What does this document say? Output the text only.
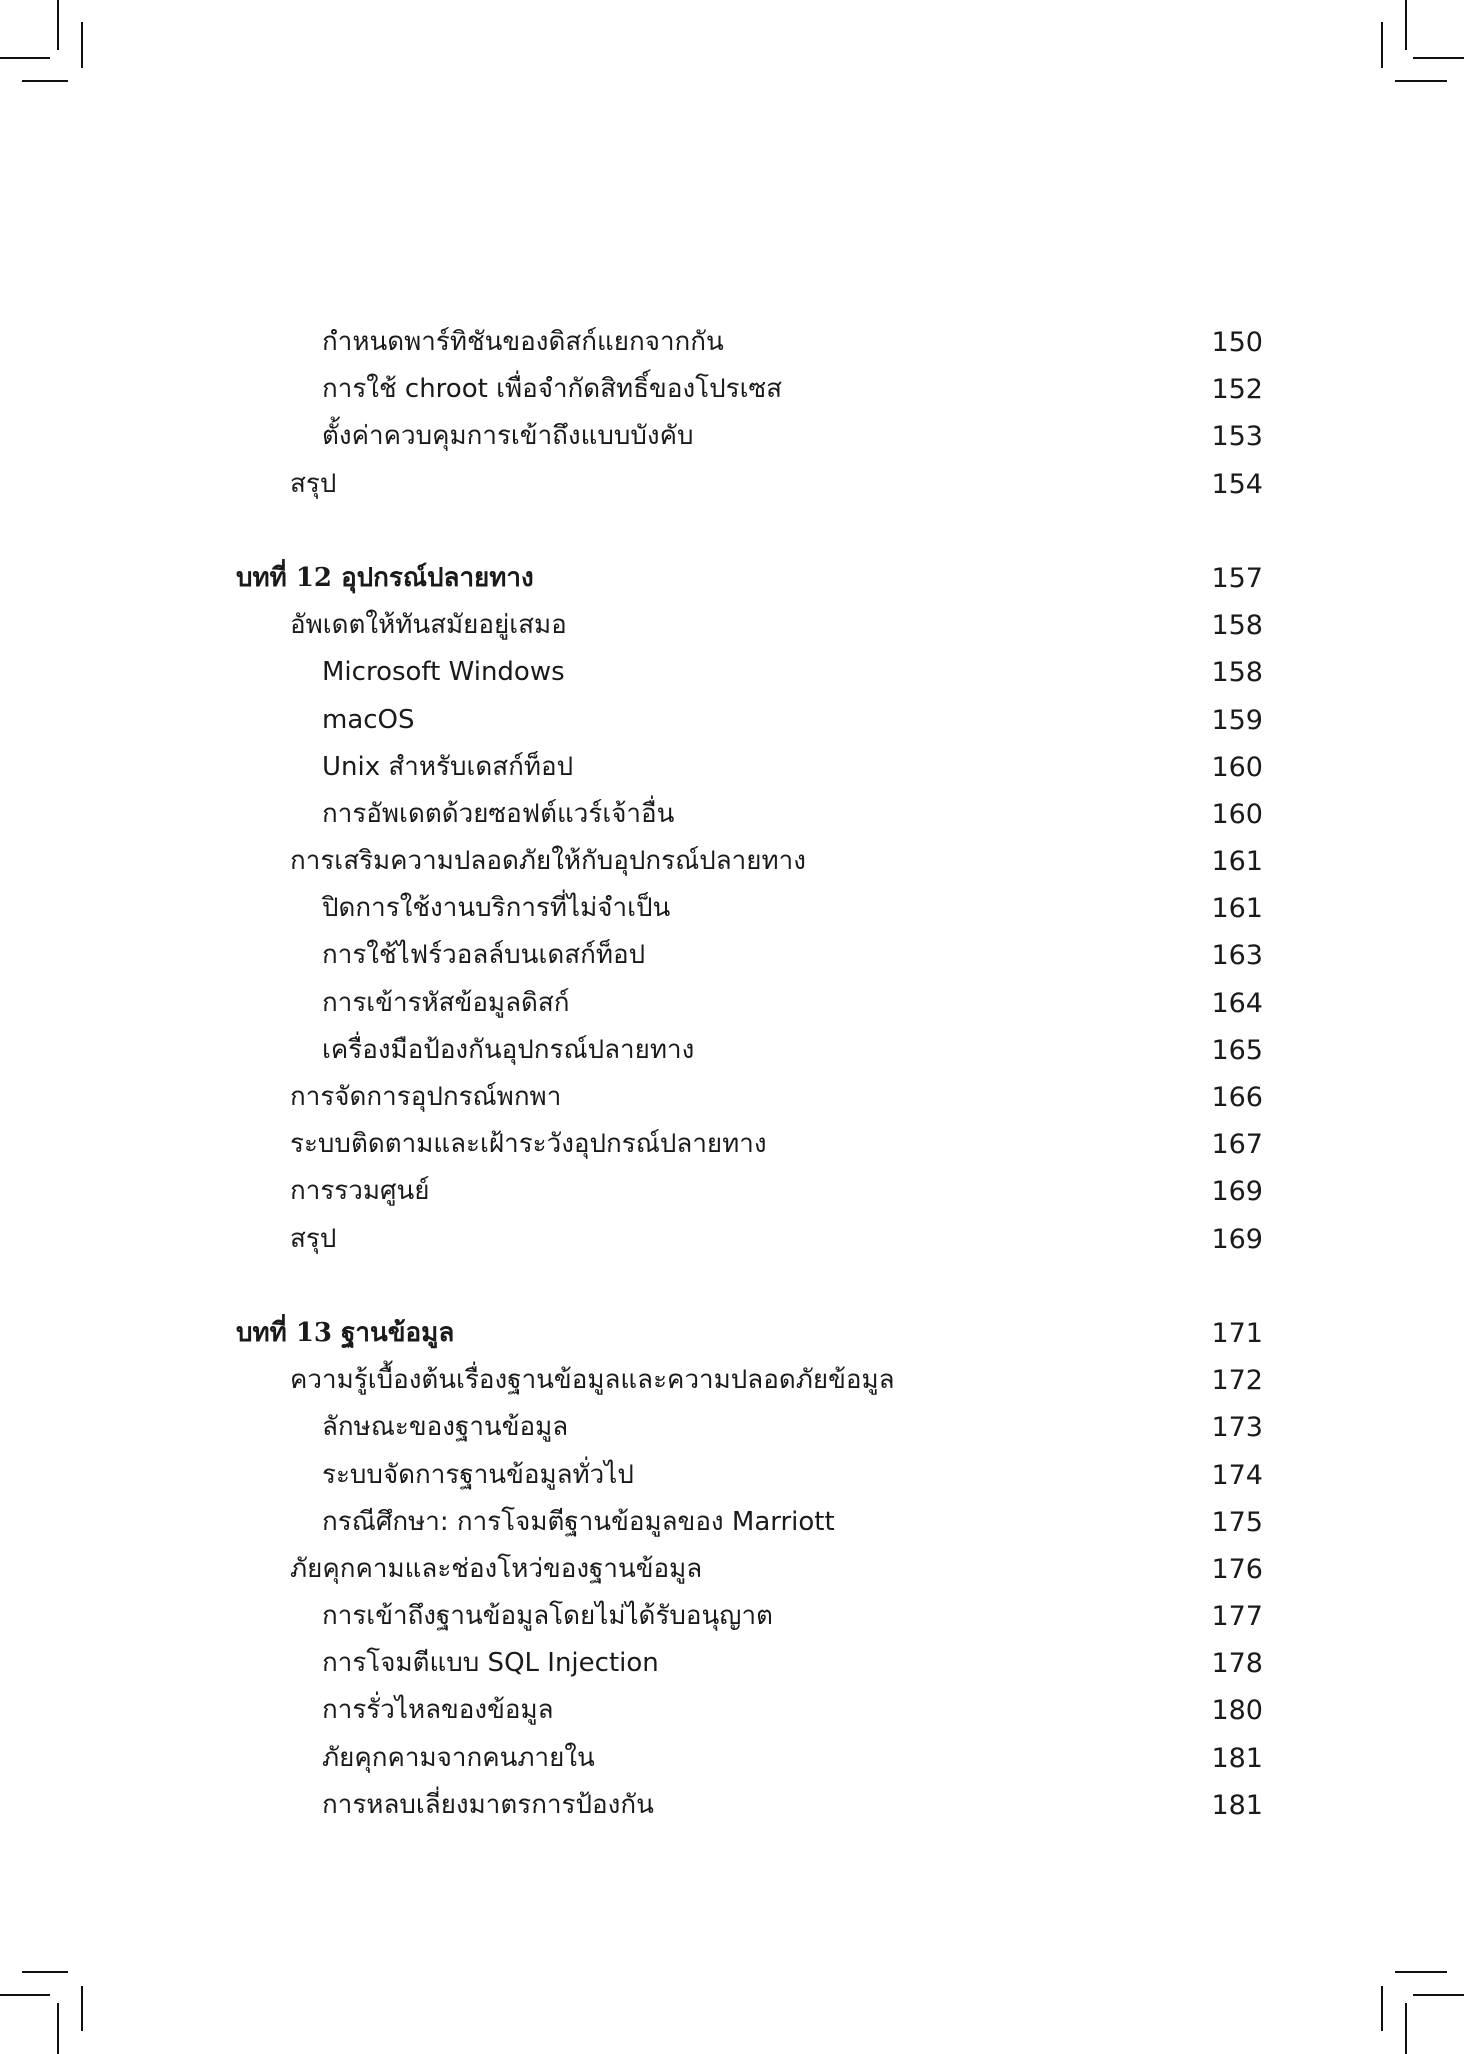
กำหนดพาร์ทิชันของดิสก์แยกจากกัน	150
การใช้ chroot เพื่อจำกัดสิทธิ์ของโปรเซส	152
ตั้งค่าควบคุมการเข้าถึงแบบบังคับ	153
สรุป	154
บทที่ 12 อุปกรณ์ปลายทาง	157
อัพเดตให้ทันสมัยอยู่เสมอ	158
Microsoft Windows	158
macOS	159
Unix สำหรับเดสก์ท็อป	160
การอัพเดตด้วยซอฟต์แวร์เจ้าอื่น	160
การเสริมความปลอดภัยให้กับอุปกรณ์ปลายทาง	161
ปิดการใช้งานบริการที่ไม่จำเป็น	161
การใช้ไฟร์วอลล์บนเดสก์ท็อป	163
การเข้ารหัสข้อมูลดิสก์	164
เครื่องมือป้องกันอุปกรณ์ปลายทาง	165
การจัดการอุปกรณ์พกพา	166
ระบบติดตามและเฝ้าระวังอุปกรณ์ปลายทาง	167
การรวมศูนย์	169
สรุป	169
บทที่ 13 ฐานข้อมูล	171
ความรู้เบื้องต้นเรื่องฐานข้อมูลและความปลอดภัยข้อมูล	172
ลักษณะของฐานข้อมูล	173
ระบบจัดการฐานข้อมูลทั่วไป	174
กรณีศึกษา: การโจมตีฐานข้อมูลของ Marriott	175
ภัยคุกคามและช่องโหว่ของฐานข้อมูล	176
การเข้าถึงฐานข้อมูลโดยไม่ได้รับอนุญาต	177
การโจมตีแบบ SQL Injection	178
การรั่วไหลของข้อมูล	180
ภัยคุกคามจากคนภายใน	181
การหลบเลี่ยงมาตรการป้องกัน	181
